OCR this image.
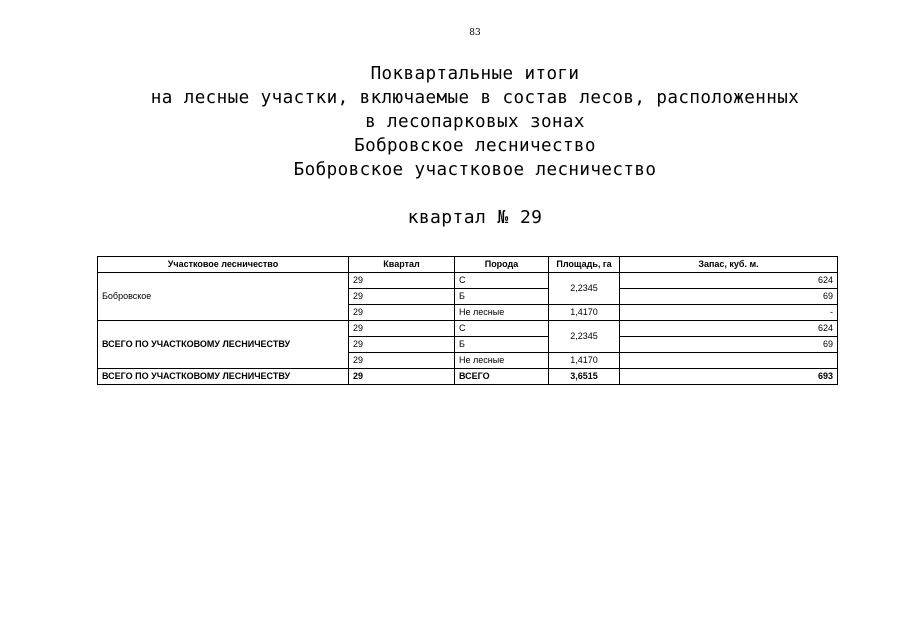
83
Поквартальные итоги
на лесные участки, включаемые в состав лесов, расположенных
в лесопарковых зонах
Бобровское лесничество
Бобровское участковое лесничество
квартал № 29
Участковое лесничество	Квартал	Порода	Площадь, га	Запас, куб. м.
Бобровское	29	С	2,2345	624
	29	Б		69
	29	Не лесные	1,4170	-
ВСЕГО ПО УЧАСТКОВОМУ ЛЕСНИЧЕСТВУ	29	С	2,2345	624
	29	Б		69
	29	Не лесные	1,4170	
ВСЕГО ПО УЧАСТКОВОМУ ЛЕСНИЧЕСТВУ	29	ВСЕГО	3,6515	693
